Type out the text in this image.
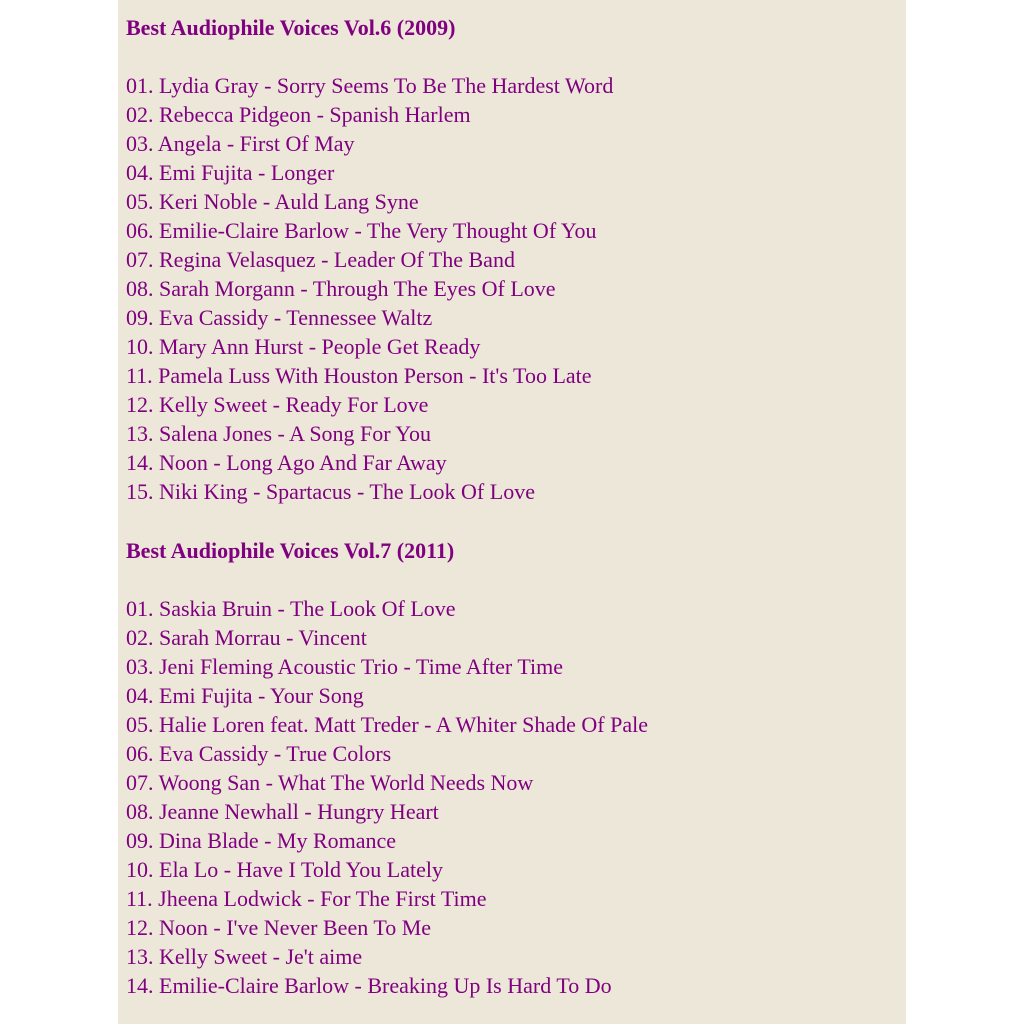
Best Audiophile Voices Vol.6 (2009)
01. Lydia Gray - Sorry Seems To Be The Hardest Word
02. Rebecca Pidgeon - Spanish Harlem
03. Angela - First Of May
04. Emi Fujita - Longer
05. Keri Noble - Auld Lang Syne
06. Emilie-Claire Barlow - The Very Thought Of You
07. Regina Velasquez - Leader Of The Band
08. Sarah Morgann - Through The Eyes Of Love
09. Eva Cassidy - Tennessee Waltz
10. Mary Ann Hurst - People Get Ready
11. Pamela Luss With Houston Person - It's Too Late
12. Kelly Sweet - Ready For Love
13. Salena Jones - A Song For You
14. Noon - Long Ago And Far Away
15. Niki King - Spartacus - The Look Of Love
Best Audiophile Voices Vol.7 (2011)
01. Saskia Bruin - The Look Of Love
02. Sarah Morrau - Vincent
03. Jeni Fleming Acoustic Trio - Time After Time
04. Emi Fujita - Your Song
05. Halie Loren feat. Matt Treder - A Whiter Shade Of Pale
06. Eva Cassidy - True Colors
07. Woong San - What The World Needs Now
08. Jeanne Newhall - Hungry Heart
09. Dina Blade - My Romance
10. Ela Lo - Have I Told You Lately
11. Jheena Lodwick - For The First Time
12. Noon - I've Never Been To Me
13. Kelly Sweet - Je't aime
14. Emilie-Claire Barlow - Breaking Up Is Hard To Do
